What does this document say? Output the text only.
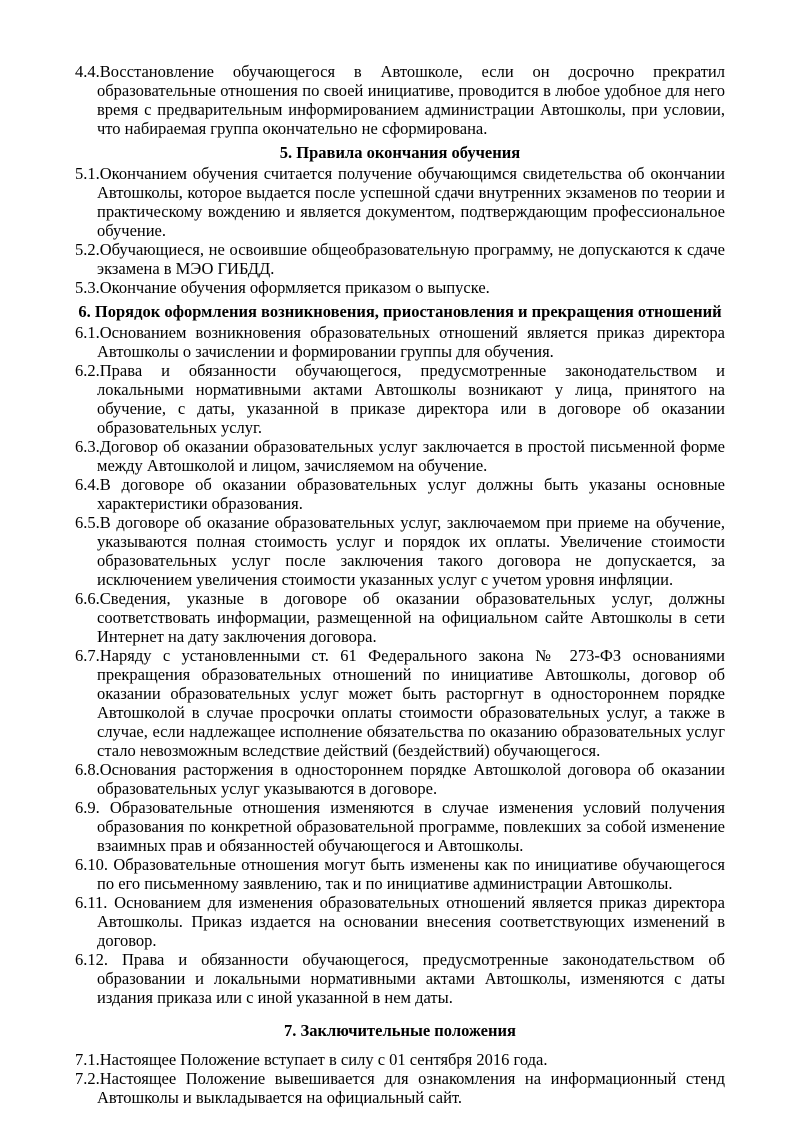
4.4.Восстановление обучающегося в Автошколе, если он досрочно прекратил образовательные отношения по своей инициативе, проводится в любое удобное для него время с предварительным информированием администрации Автошколы, при условии, что набираемая группа окончательно не сформирована.

5. Правила окончания обучения

5.1.Окончанием обучения считается получение обучающимся свидетельства об окончании Автошколы, которое выдается после успешной сдачи внутренних экзаменов по теории и практическому вождению и является документом, подтверждающим профессиональное обучение.

5.2.Обучающиеся, не освоившие общеобразовательную программу, не допускаются к сдаче экзамена в МЭО ГИБДД.

5.3.Окончание обучения оформляется приказом о выпуске.

6. Порядок оформления возникновения, приостановления и прекращения отношений

6.1.Основанием возникновения образовательных отношений является приказ директора Автошколы о зачислении и формировании группы для обучения.

6.2.Права и обязанности обучающегося, предусмотренные законодательством и локальными нормативными актами Автошколы возникают у лица, принятого на обучение, с даты, указанной в приказе директора или в договоре об оказании образовательных услуг.

6.3.Договор об оказании образовательных услуг заключается в простой письменной форме между Автошколой и лицом, зачисляемом на обучение.

6.4.В договоре об оказании образовательных услуг должны быть указаны основные характеристики образования.

6.5.В договоре об оказание образовательных услуг, заключаемом при приеме на обучение, указываются полная стоимость услуг и порядок их оплаты. Увеличение стоимости образовательных услуг после заключения такого договора не допускается, за исключением увеличения стоимости указанных услуг с учетом уровня инфляции.

6.6.Сведения, указные в договоре об оказании образовательных услуг, должны соответствовать информации, размещенной на официальном сайте Автошколы в сети Интернет на дату заключения договора.

6.7.Наряду с установленными ст. 61 Федерального закона № 273-ФЗ основаниями прекращения образовательных отношений по инициативе Автошколы, договор об оказании образовательных услуг может быть расторгнут в одностороннем порядке Автошколой в случае просрочки оплаты стоимости образовательных услуг, а также в случае, если надлежащее исполнение обязательства по оказанию образовательных услуг стало невозможным вследствие действий (бездействий) обучающегося.

6.8.Основания расторжения в одностороннем порядке Автошколой договора об оказании образовательных услуг указываются в договоре.

6.9. Образовательные отношения изменяются в случае изменения условий получения образования по конкретной образовательной программе, повлекших за собой изменение взаимных прав и обязанностей обучающегося и Автошколы.

6.10. Образовательные отношения могут быть изменены как по инициативе обучающегося по его письменному заявлению, так и по инициативе администрации Автошколы.

6.11. Основанием для изменения образовательных отношений является приказ директора Автошколы. Приказ издается на основании внесения соответствующих изменений в договор.

6.12. Права и обязанности обучающегося, предусмотренные законодательством об образовании и локальными нормативными актами Автошколы, изменяются с даты издания приказа или с иной указанной в нем даты.

7. Заключительные положения

7.1.Настоящее Положение вступает в силу с 01 сентября 2016 года.

7.2.Настоящее Положение вывешивается для ознакомления на информационный стенд Автошколы и выкладывается на официальный сайт.
